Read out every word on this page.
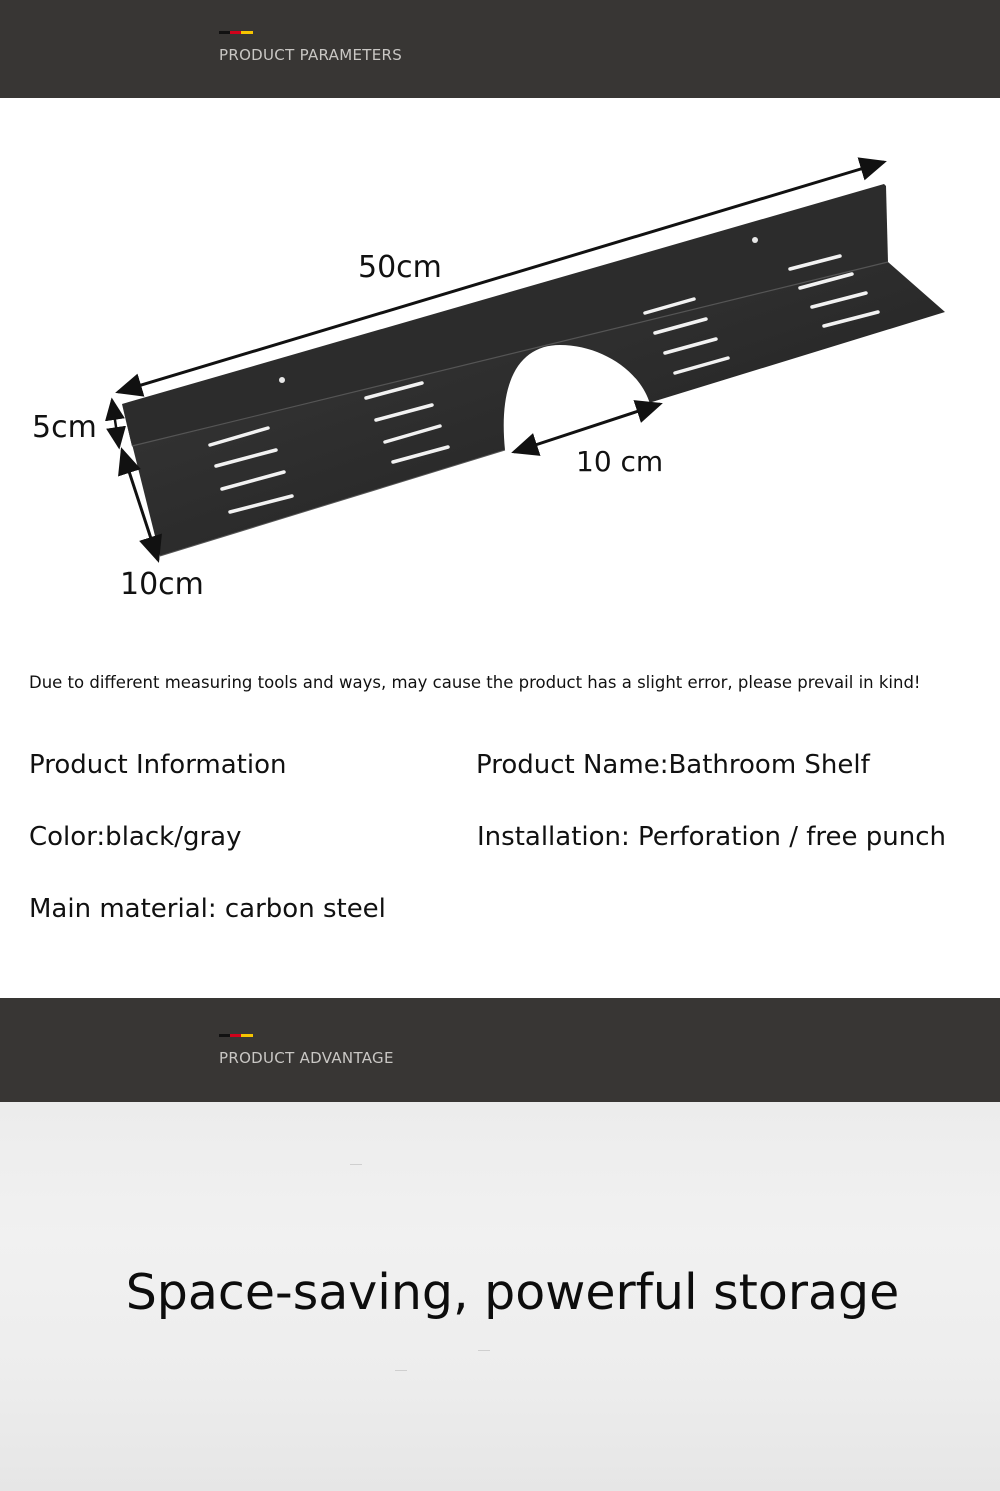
PRODUCT PARAMETERS
50cm
5cm
10cm
10 cm
Due to different measuring tools and ways, may cause the product has a slight error, please prevail in kind!
Product Information	Product Name:Bathroom Shelf
Color:black/gray	Installation: Perforation / free punch
Main material: carbon steel
PRODUCT ADVANTAGE
Space-saving, powerful storage
